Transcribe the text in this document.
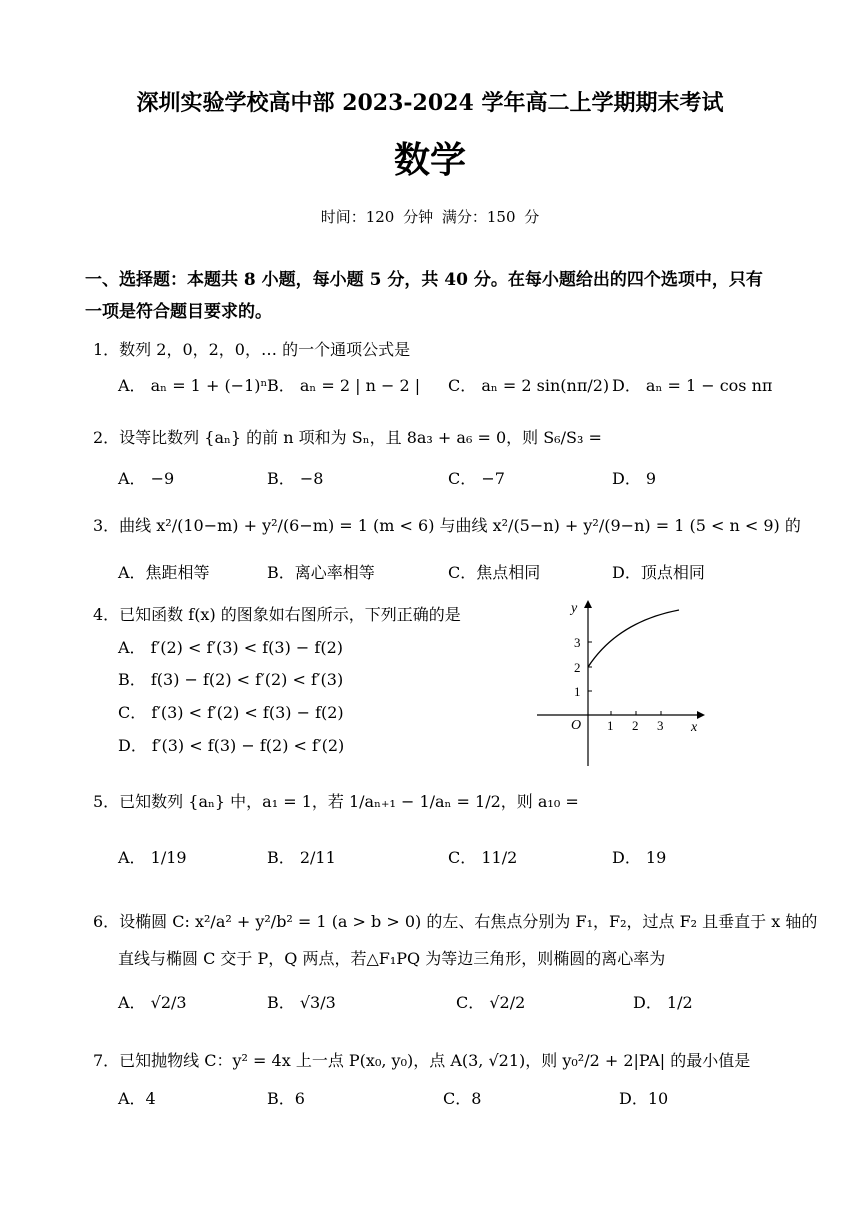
深圳实验学校高中部 2023-2024 学年高二上学期期末考试
数学
时间：120 分钟 满分：150 分
一、选择题：本题共 8 小题，每小题 5 分，共 40 分。在每小题给出的四个选项中，只有
一项是符合题目要求的。
1．数列 2，0，2，0，… 的一个通项公式是
A． aₙ = 1 + (−1)ⁿ B． aₙ = 2 | n − 2 | C． aₙ = 2 sin(nπ/2) D． aₙ = 1 − cos nπ
2．设等比数列 {aₙ} 的前 n 项和为 Sₙ，且 8a₃ + a₆ = 0，则 S₆/S₃ =
A． −9	B． −8	C． −7	D． 9
3．曲线 x²/(10−m) + y²/(6−m) = 1 (m < 6) 与曲线 x²/(5−n) + y²/(9−n) = 1 (5 < n < 9) 的
A．焦距相等	B．离心率相等	C．焦点相同	D．顶点相同
4．已知函数 f(x) 的图象如右图所示，下列正确的是
A． f′(2) < f′(3) < f(3) − f(2)
B． f(3) − f(2) < f′(2) < f′(3)
C． f′(3) < f′(2) < f(3) − f(2)
D． f′(3) < f(3) − f(2) < f′(2)
y
x
O 1 2 3
1
2
3
5．已知数列 {aₙ} 中，a₁ = 1，若 1/aₙ₊₁ − 1/aₙ = 1/2，则 a₁₀ =
A． 1/19	B． 2/11	C． 11/2	D． 19
6．设椭圆 C: x²/a² + y²/b² = 1 (a > b > 0) 的左、右焦点分别为 F₁，F₂，过点 F₂ 且垂直于 x 轴的
直线与椭圆 C 交于 P，Q 两点，若△F₁PQ 为等边三角形，则椭圆的离心率为
A． √2/3	B． √3/3	C． √2/2	D． 1/2
7．已知抛物线 C：y² = 4x 上一点 P(x₀, y₀)，点 A(3, √21)，则 y₀²/2 + 2|PA| 的最小值是
A．4	B．6	C．8	D．10
